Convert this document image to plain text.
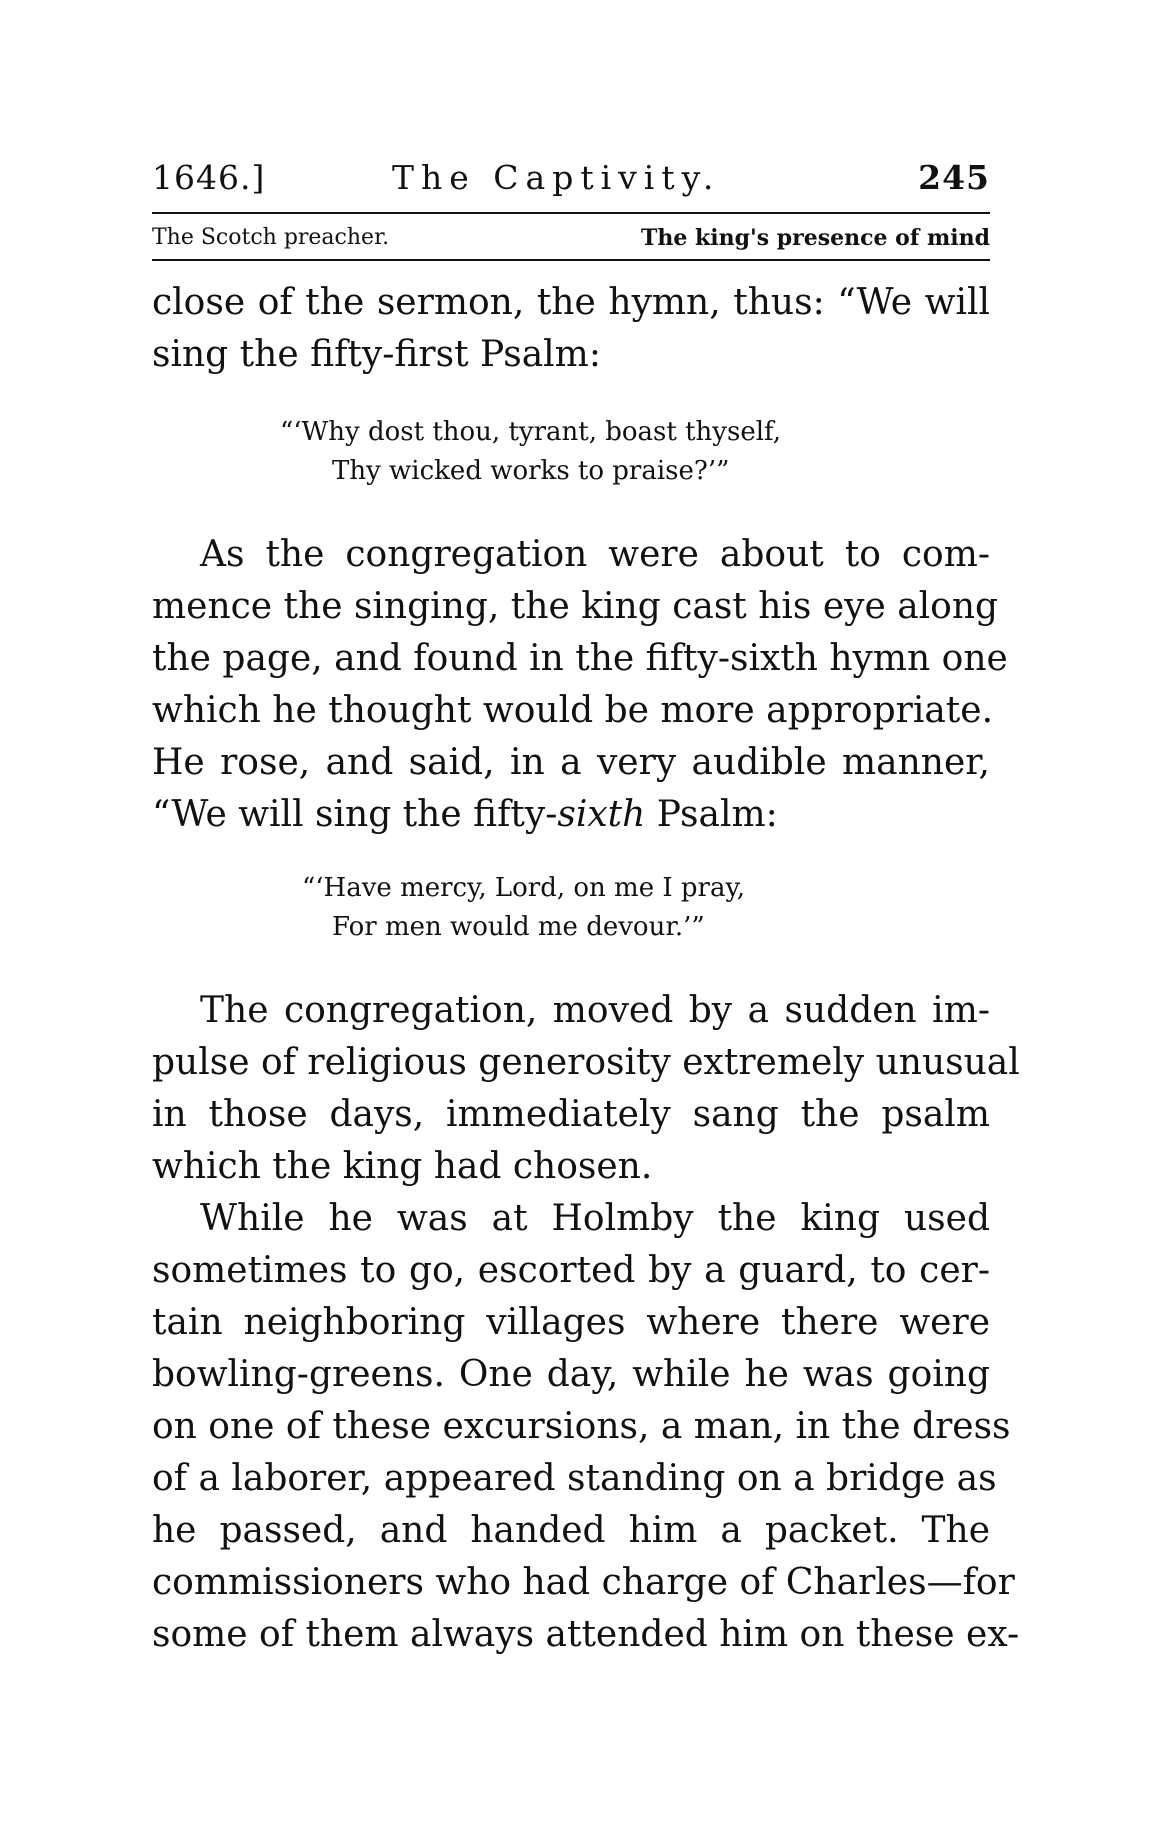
1646.]	The Captivity.	245
The Scotch preacher.	The king's presence of mind
close of the sermon, the hymn, thus: “We will
sing the fifty-first Psalm:
“‘Why dost thou, tyrant, boast thyself,
Thy wicked works to praise?’”
As the congregation were about to com-
mence the singing, the king cast his eye along
the page, and found in the fifty-sixth hymn one
which he thought would be more appropriate.
He rose, and said, in a very audible manner,
“We will sing the fifty-sixth Psalm:
“‘Have mercy, Lord, on me I pray,
For men would me devour.’”
The congregation, moved by a sudden im-
pulse of religious generosity extremely unusual
in those days, immediately sang the psalm
which the king had chosen.
While he was at Holmby the king used
sometimes to go, escorted by a guard, to cer-
tain neighboring villages where there were
bowling-greens. One day, while he was going
on one of these excursions, a man, in the dress
of a laborer, appeared standing on a bridge as
he passed, and handed him a packet. The
commissioners who had charge of Charles—for
some of them always attended him on these ex-
